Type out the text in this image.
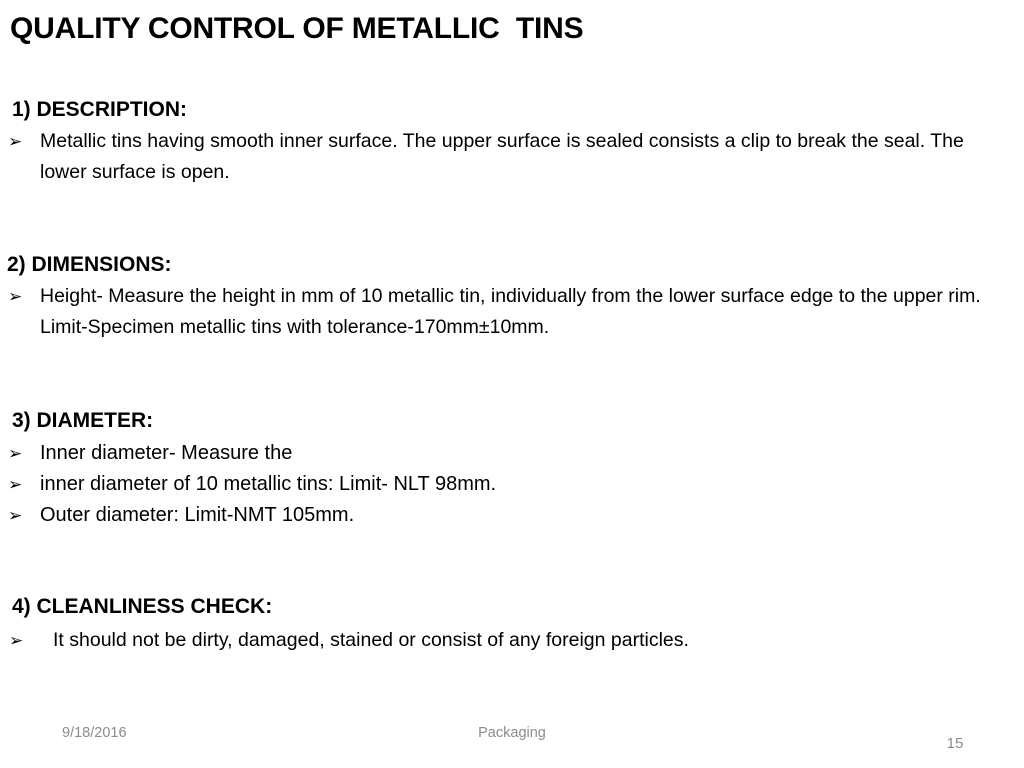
QUALITY CONTROL OF METALLIC  TINS
1) DESCRIPTION:
➢ Metallic tins having smooth inner surface. The upper surface is sealed consists a clip to break the seal. The lower surface is open.
2) DIMENSIONS:
➢ Height- Measure the height in mm of 10 metallic tin, individually from the lower surface edge to the upper rim. Limit-Specimen metallic tins with tolerance-170mm±10mm.
3) DIAMETER:
➢ Inner diameter- Measure the
➢ inner diameter of 10 metallic tins: Limit- NLT 98mm.
➢ Outer diameter: Limit-NMT 105mm.
4) CLEANLINESS CHECK:
➢	It should not be dirty, damaged, stained or consist of any foreign particles.
9/18/2016	Packaging
15
